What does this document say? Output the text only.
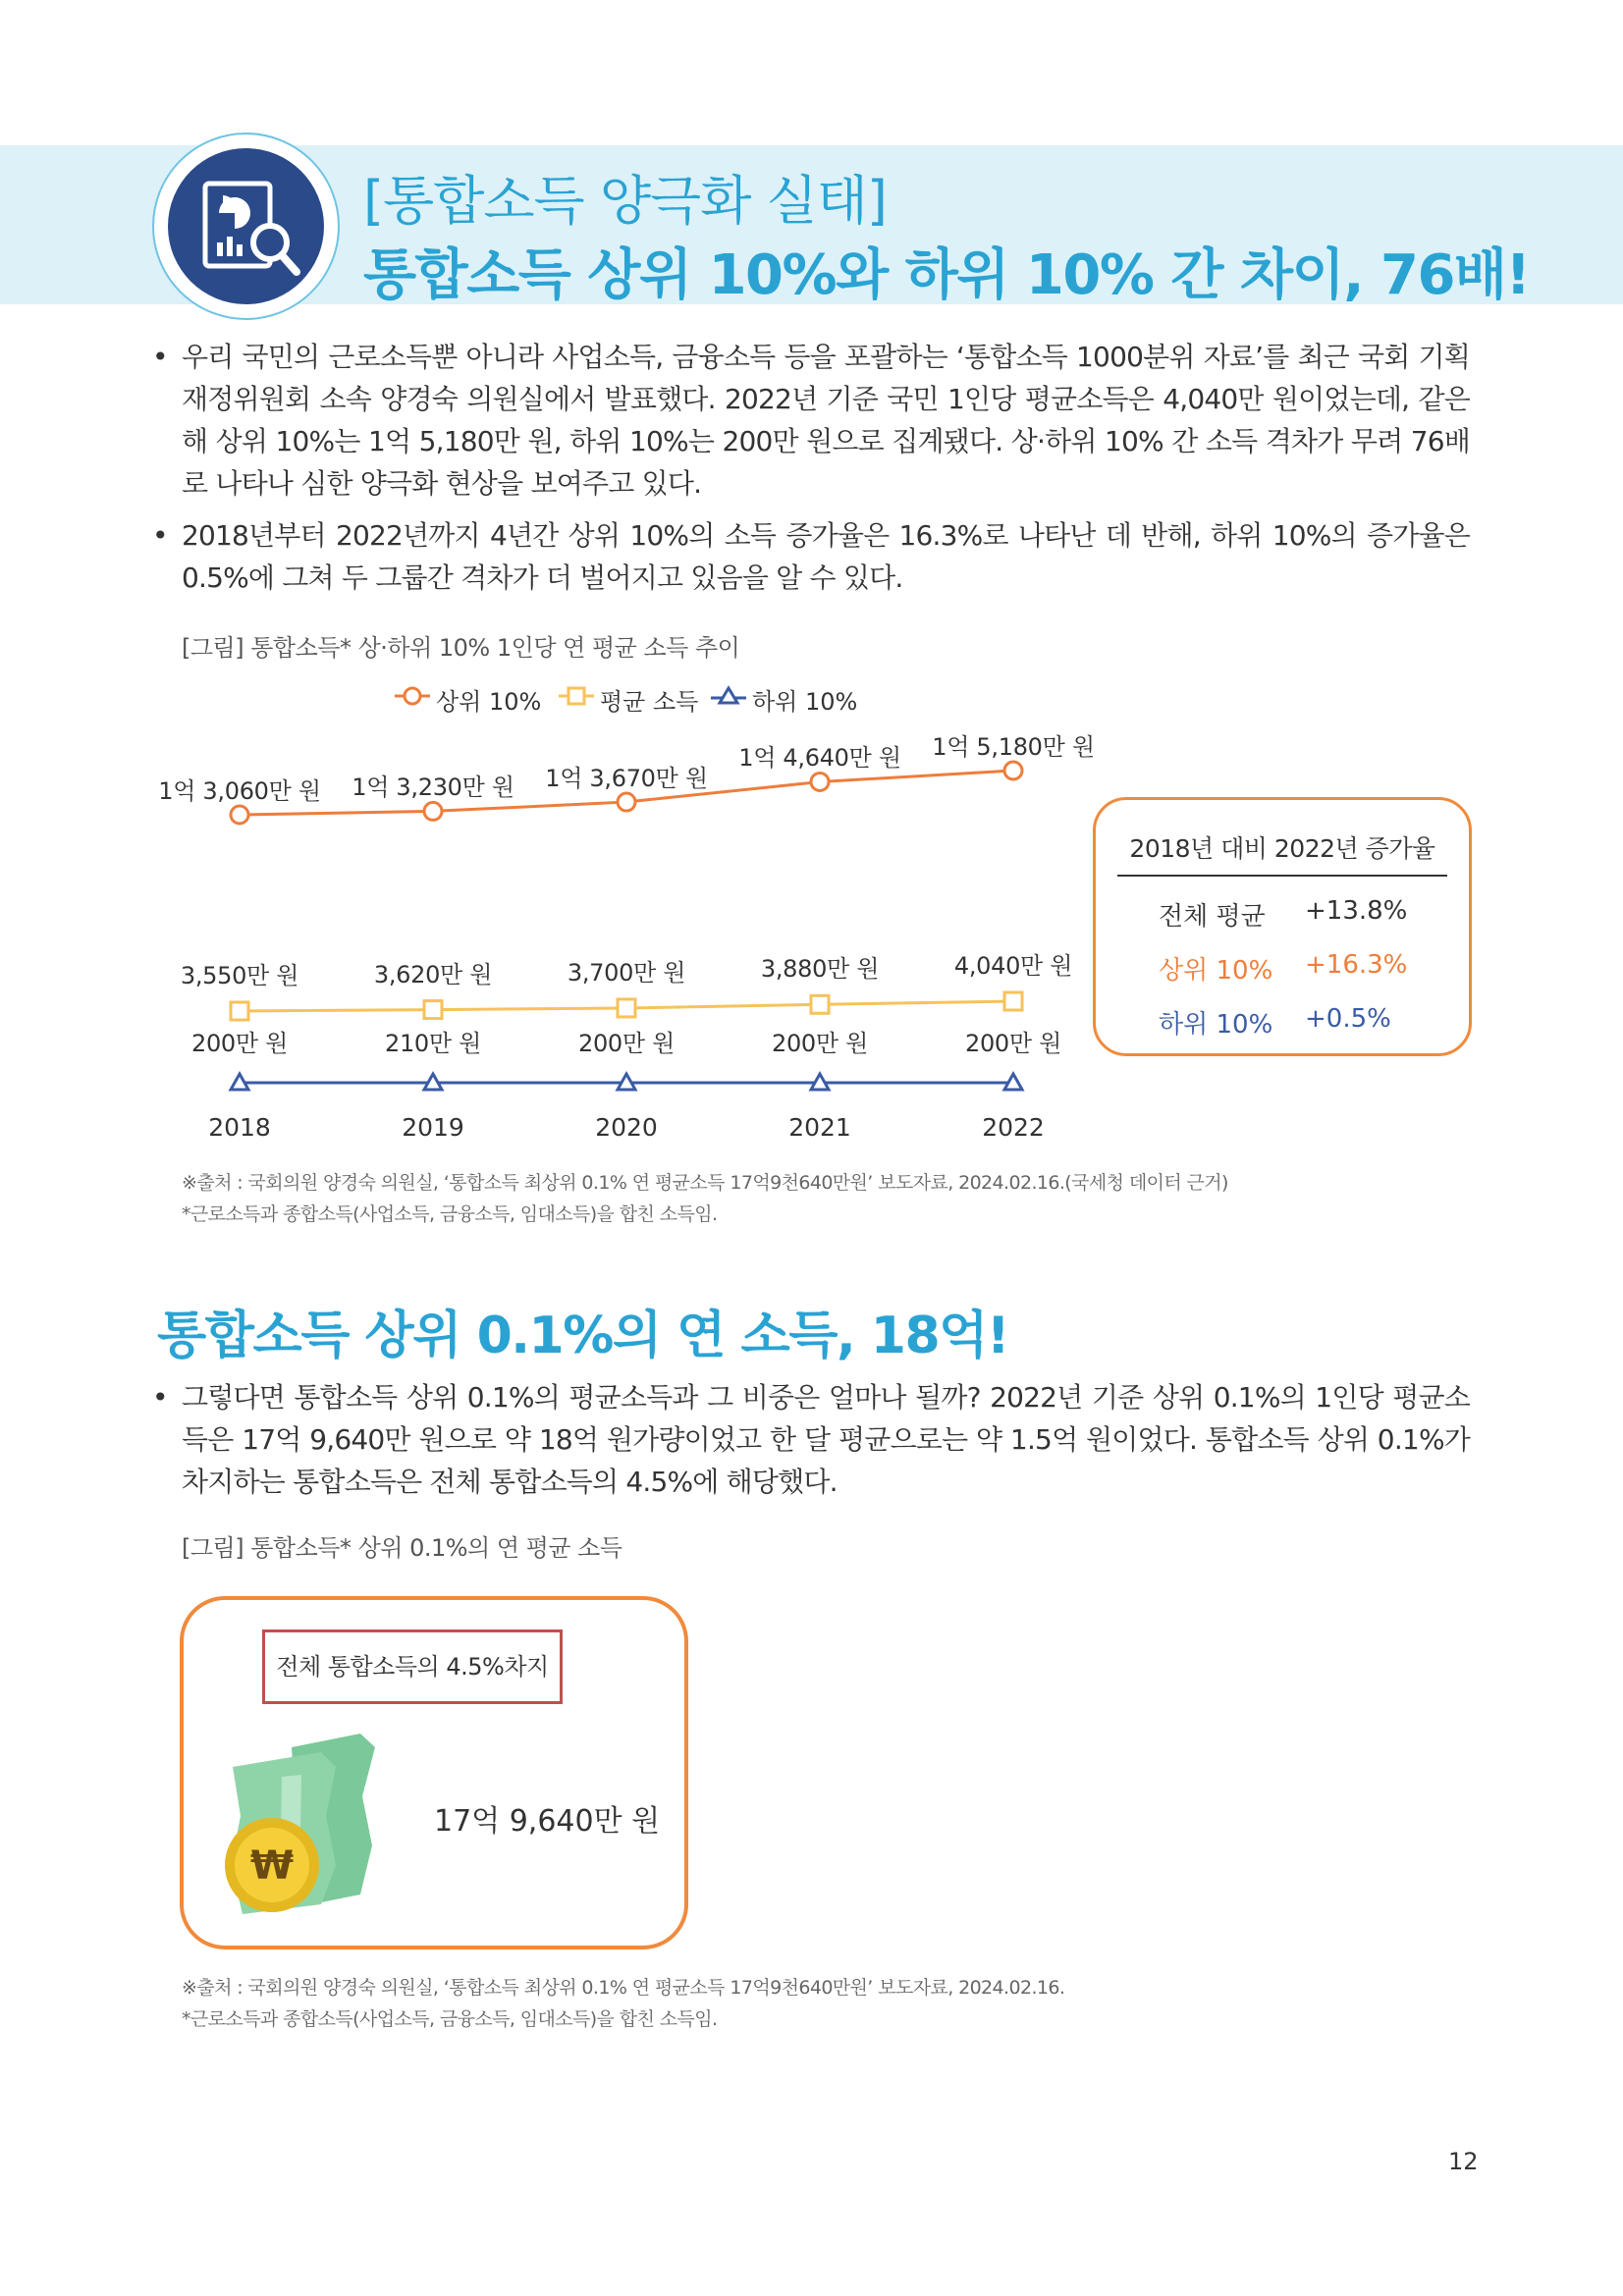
[통합소득 양극화 실태]
통합소득 상위 10%와 하위 10% 간 차이, 76배!
• 우리 국민의 근로소득뿐 아니라 사업소득, 금융소득 등을 포괄하는 ‘통합소득 1000분위 자료’를 최근 국회 기획재정위원회 소속 양경숙 의원실에서 발표했다. 2022년 기준 국민 1인당 평균소득은 4,040만 원이었는데, 같은 해 상위 10%는 1억 5,180만 원, 하위 10%는 200만 원으로 집계됐다. 상·하위 10% 간 소득 격차가 무려 76배로 나타나 심한 양극화 현상을 보여주고 있다.
• 2018년부터 2022년까지 4년간 상위 10%의 소득 증가율은 16.3%로 나타난 데 반해, 하위 10%의 증가율은 0.5%에 그쳐 두 그룹간 격차가 더 벌어지고 있음을 알 수 있다.
[그림] 통합소득* 상·하위 10% 1인당 연 평균 소득 추이
상위 10% 평균 소득 하위 10%
1억 3,060만 원 1억 3,230만 원 1억 3,670만 원
1억 4,640만 원 1억 5,180만 원
3,550만 원	3,620만 원	3,700만 원	3,880만 원	4,040만 원
200만 원	210만 원	200만 원	200만 원	200만 원
2018	2019	2020	2021	2022
2018년 대비 2022년 증가율
전체 평균 +13.8%
상위 10% +16.3%
하위 10% +0.5%
※출처 : 국회의원 양경숙 의원실, ‘통합소득 최상위 0.1% 연 평균소득 17억9천640만원’ 보도자료, 2024.02.16.(국세청 데이터 근거)
*근로소득과 종합소득(사업소득, 금융소득, 임대소득)을 합친 소득임.
통합소득 상위 0.1%의 연 소득, 18억!
• 그렇다면 통합소득 상위 0.1%의 평균소득과 그 비중은 얼마나 될까? 2022년 기준 상위 0.1%의 1인당 평균소득은 17억 9,640만 원으로 약 18억 원가량이었고 한 달 평균으로는 약 1.5억 원이었다. 통합소득 상위 0.1%가 차지하는 통합소득은 전체 통합소득의 4.5%에 해당했다.
[그림] 통합소득* 상위 0.1%의 연 평균 소득
전체 통합소득의 4.5%차지
₩
17억 9,640만 원
※출처 : 국회의원 양경숙 의원실, ‘통합소득 최상위 0.1% 연 평균소득 17억9천640만원’ 보도자료, 2024.02.16.
*근로소득과 종합소득(사업소득, 금융소득, 임대소득)을 합친 소득임.
12
